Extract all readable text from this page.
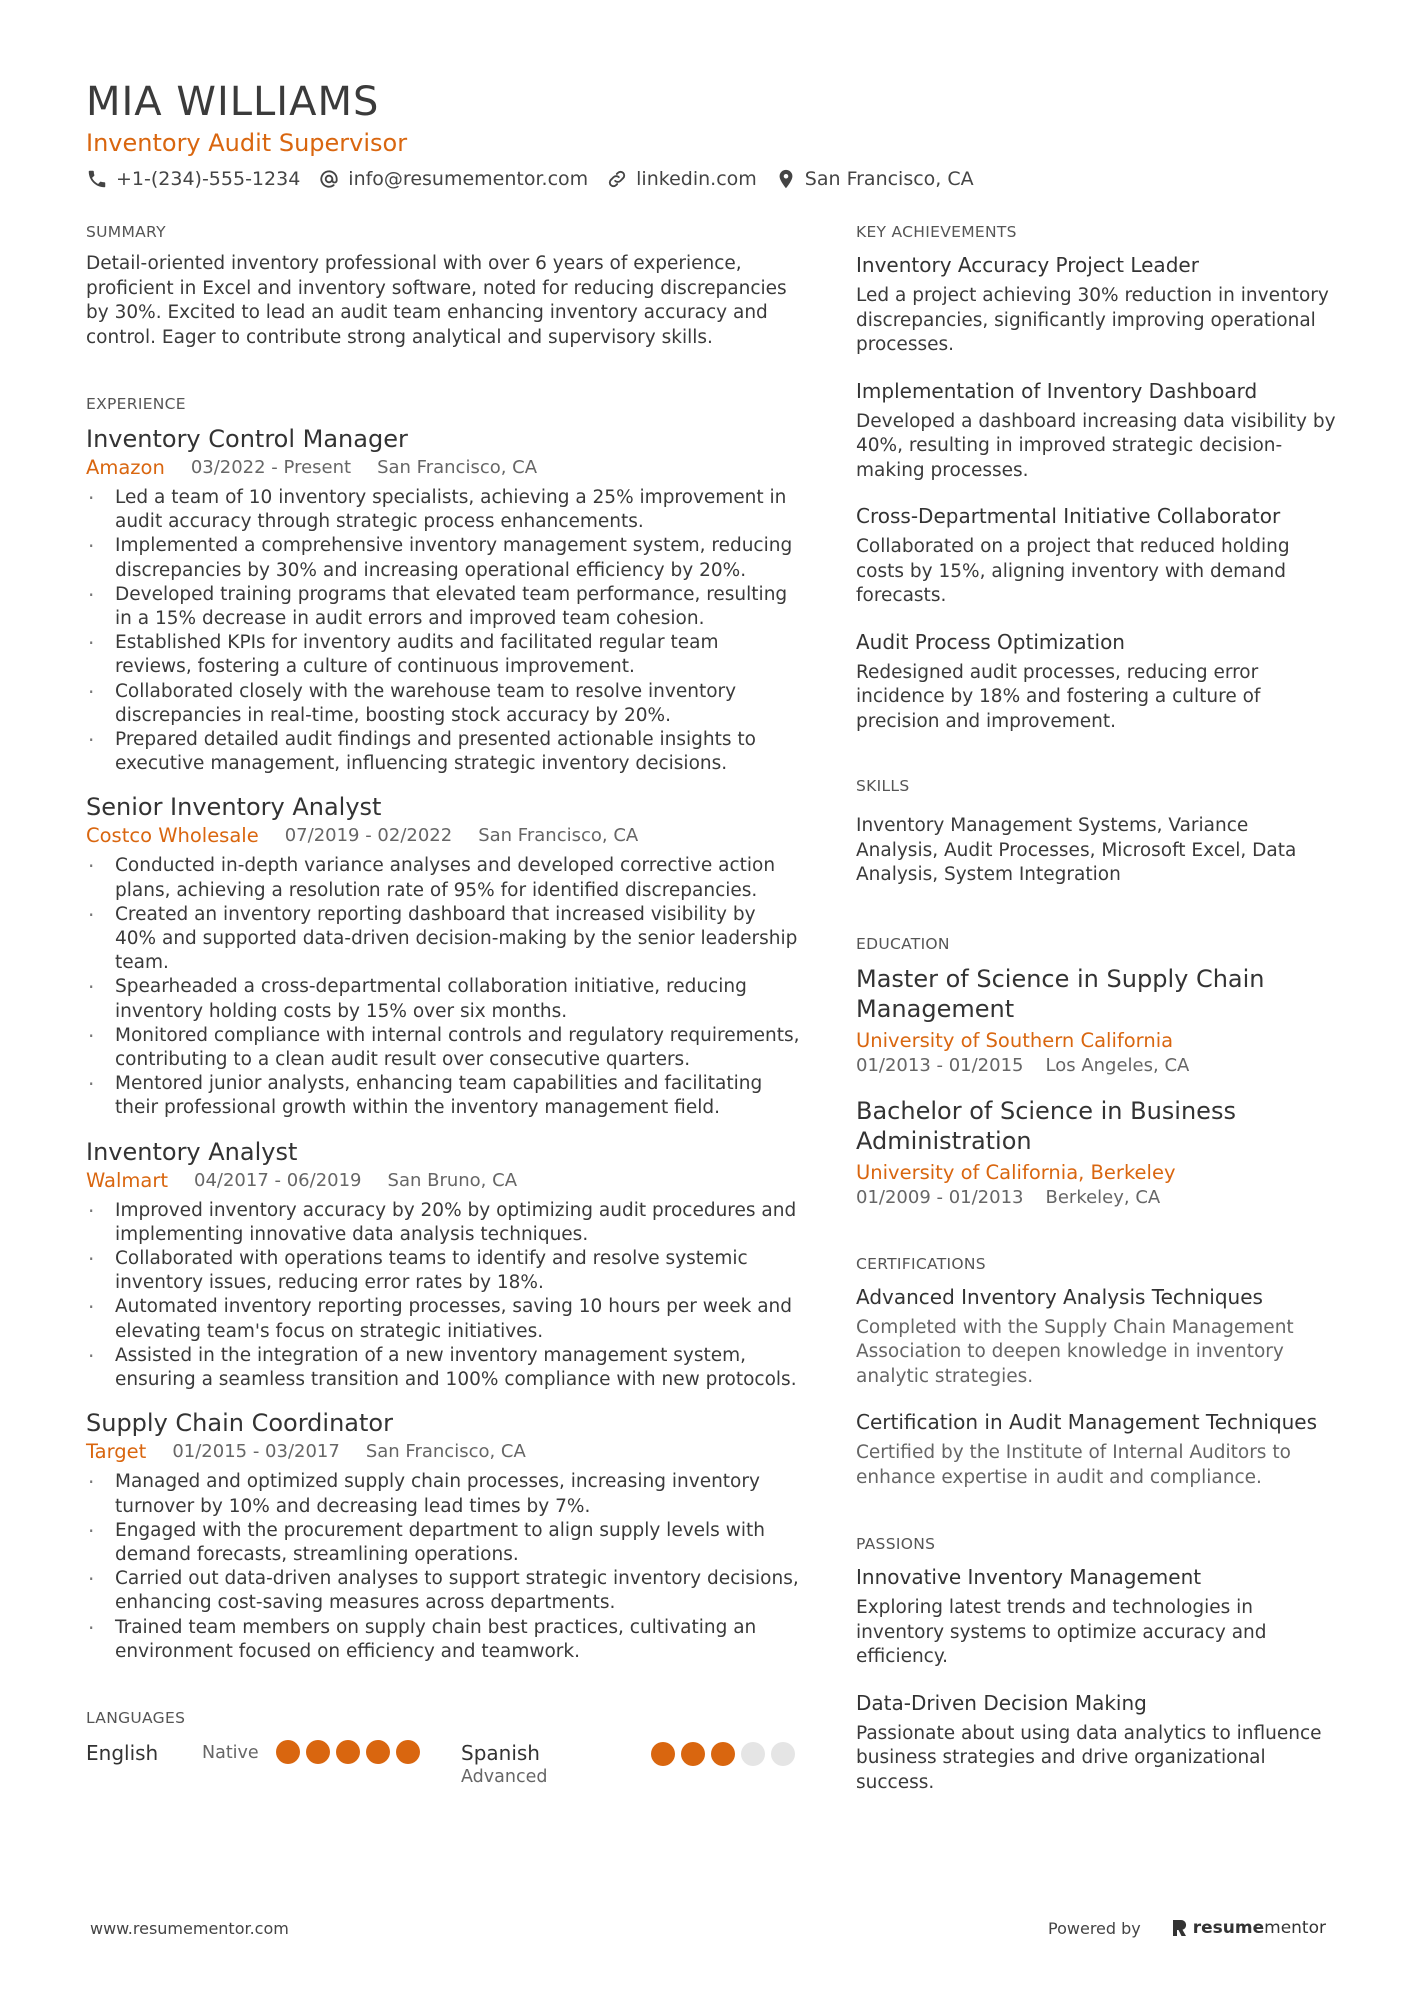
MIA WILLIAMS
Inventory Audit Supervisor
+1-(234)-555-1234	info@resumementor.com	linkedin.com	San Francisco, CA
SUMMARY
Detail-oriented inventory professional with over 6 years of experience, proficient in Excel and inventory software, noted for reducing discrepancies by 30%. Excited to lead an audit team enhancing inventory accuracy and control. Eager to contribute strong analytical and supervisory skills.
EXPERIENCE
Inventory Control Manager
Amazon 03/2022 - Present San Francisco, CA
· Led a team of 10 inventory specialists, achieving a 25% improvement in audit accuracy through strategic process enhancements.
· Implemented a comprehensive inventory management system, reducing discrepancies by 30% and increasing operational efficiency by 20%.
· Developed training programs that elevated team performance, resulting in a 15% decrease in audit errors and improved team cohesion.
· Established KPIs for inventory audits and facilitated regular team reviews, fostering a culture of continuous improvement.
· Collaborated closely with the warehouse team to resolve inventory discrepancies in real-time, boosting stock accuracy by 20%.
· Prepared detailed audit findings and presented actionable insights to executive management, influencing strategic inventory decisions.
Senior Inventory Analyst
Costco Wholesale 07/2019 - 02/2022 San Francisco, CA
· Conducted in-depth variance analyses and developed corrective action plans, achieving a resolution rate of 95% for identified discrepancies.
· Created an inventory reporting dashboard that increased visibility by 40% and supported data-driven decision-making by the senior leadership team.
· Spearheaded a cross-departmental collaboration initiative, reducing inventory holding costs by 15% over six months.
· Monitored compliance with internal controls and regulatory requirements, contributing to a clean audit result over consecutive quarters.
· Mentored junior analysts, enhancing team capabilities and facilitating their professional growth within the inventory management field.
Inventory Analyst
Walmart 04/2017 - 06/2019 San Bruno, CA
· Improved inventory accuracy by 20% by optimizing audit procedures and implementing innovative data analysis techniques.
· Collaborated with operations teams to identify and resolve systemic inventory issues, reducing error rates by 18%.
· Automated inventory reporting processes, saving 10 hours per week and elevating team's focus on strategic initiatives.
· Assisted in the integration of a new inventory management system, ensuring a seamless transition and 100% compliance with new protocols.
Supply Chain Coordinator
Target 01/2015 - 03/2017 San Francisco, CA
· Managed and optimized supply chain processes, increasing inventory turnover by 10% and decreasing lead times by 7%.
· Engaged with the procurement department to align supply levels with demand forecasts, streamlining operations.
· Carried out data-driven analyses to support strategic inventory decisions, enhancing cost-saving measures across departments.
· Trained team members on supply chain best practices, cultivating an environment focused on efficiency and teamwork.
LANGUAGES
English	Native	Spanish
Advanced
KEY ACHIEVEMENTS
Inventory Accuracy Project Leader
Led a project achieving 30% reduction in inventory discrepancies, significantly improving operational processes.
Implementation of Inventory Dashboard
Developed a dashboard increasing data visibility by 40%, resulting in improved strategic decision-making processes.
Cross-Departmental Initiative Collaborator
Collaborated on a project that reduced holding costs by 15%, aligning inventory with demand forecasts.
Audit Process Optimization
Redesigned audit processes, reducing error incidence by 18% and fostering a culture of precision and improvement.
SKILLS
Inventory Management Systems, Variance Analysis, Audit Processes, Microsoft Excel, Data Analysis, System Integration
EDUCATION
Master of Science in Supply Chain Management
University of Southern California
01/2013 - 01/2015 Los Angeles, CA
Bachelor of Science in Business Administration
University of California, Berkeley
01/2009 - 01/2013 Berkeley, CA
CERTIFICATIONS
Advanced Inventory Analysis Techniques
Completed with the Supply Chain Management Association to deepen knowledge in inventory analytic strategies.
Certification in Audit Management Techniques
Certified by the Institute of Internal Auditors to enhance expertise in audit and compliance.
PASSIONS
Innovative Inventory Management
Exploring latest trends and technologies in inventory systems to optimize accuracy and efficiency.
Data-Driven Decision Making
Passionate about using data analytics to influence business strategies and drive organizational success.
www.resumementor.com	Powered by	resume mentor
